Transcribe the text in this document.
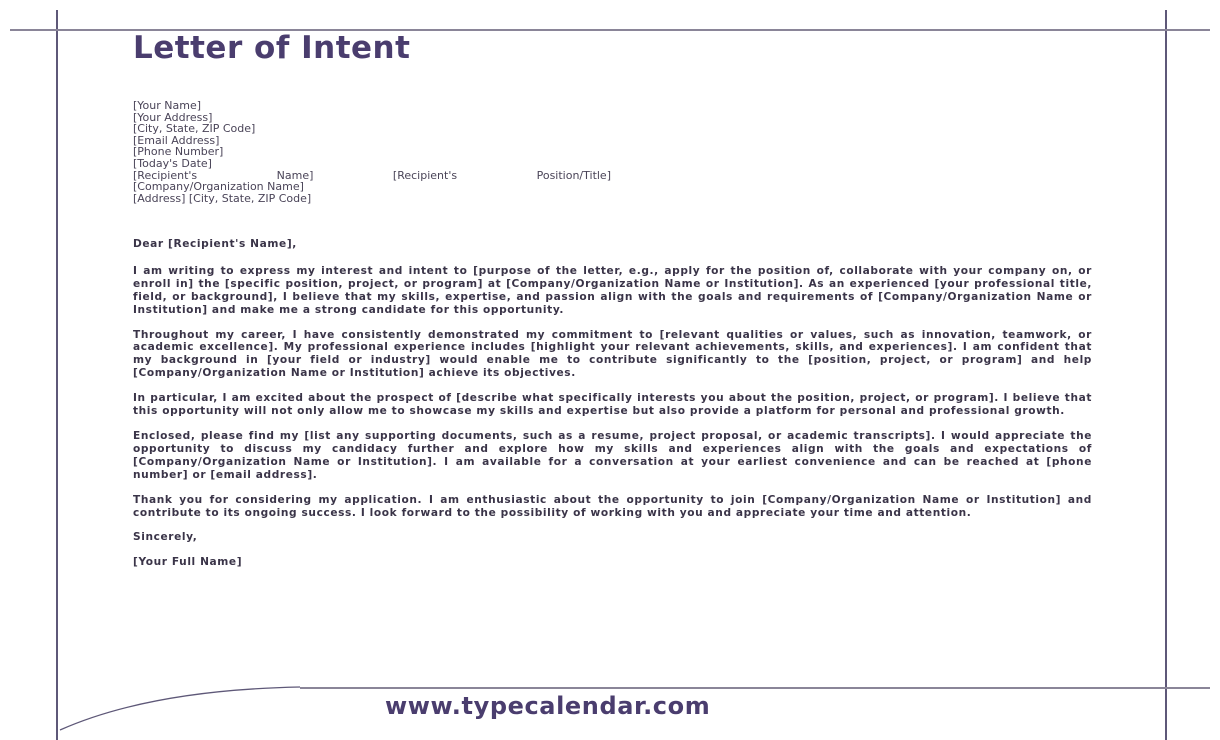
Letter of Intent
[Your Name]
[Your Address]
[City, State, ZIP Code]
[Email Address]
[Phone Number]
[Today's Date]
[Recipient's Name] [Recipient's Position/Title]
[Company/Organization Name]
[Address] [City, State, ZIP Code]

Dear [Recipient's Name],

I am writing to express my interest and intent to [purpose of the letter, e.g., apply for the position of, collaborate with your company on, or enroll in] the [specific position, project, or program] at [Company/Organization Name or Institution]. As an experienced [your professional title, field, or background], I believe that my skills, expertise, and passion align with the goals and requirements of [Company/Organization Name or Institution] and make me a strong candidate for this opportunity.

Throughout my career, I have consistently demonstrated my commitment to [relevant qualities or values, such as innovation, teamwork, or academic excellence]. My professional experience includes [highlight your relevant achievements, skills, and experiences]. I am confident that my background in [your field or industry] would enable me to contribute significantly to the [position, project, or program] and help [Company/Organization Name or Institution] achieve its objectives.

In particular, I am excited about the prospect of [describe what specifically interests you about the position, project, or program]. I believe that this opportunity will not only allow me to showcase my skills and expertise but also provide a platform for personal and professional growth.

Enclosed, please find my [list any supporting documents, such as a resume, project proposal, or academic transcripts]. I would appreciate the opportunity to discuss my candidacy further and explore how my skills and experiences align with the goals and expectations of [Company/Organization Name or Institution]. I am available for a conversation at your earliest convenience and can be reached at [phone number] or [email address].

Thank you for considering my application. I am enthusiastic about the opportunity to join [Company/Organization Name or Institution] and contribute to its ongoing success. I look forward to the possibility of working with you and appreciate your time and attention.

Sincerely,

[Your Full Name]

www.typecalendar.com
